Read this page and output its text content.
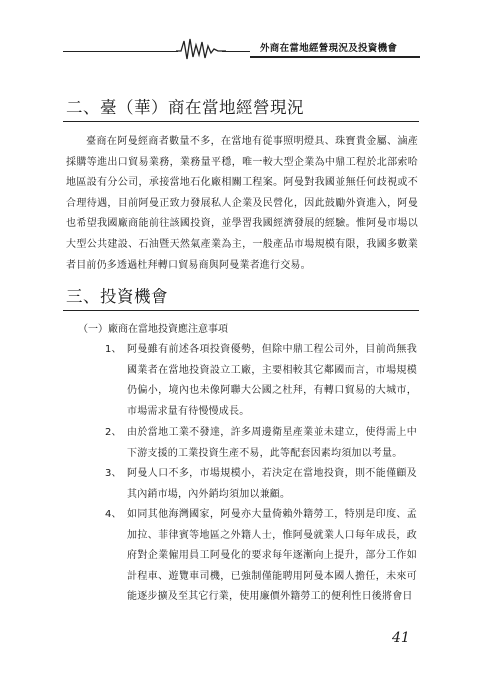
外商在當地經營現況及投資機會
二、臺（華）商在當地經營現況

臺商在阿曼經商者數量不多，在當地有從事照明燈具、珠寶貴金屬、滷產採購等進出口貿易業務，業務量平穩，唯一較大型企業為中鼎工程於北部索哈地區設有分公司，承接當地石化廠相關工程案。阿曼對我國並無任何歧視或不合理待遇，目前阿曼正致力發展私人企業及民營化，因此鼓勵外資進入，阿曼也希望我國廠商能前往該國投資，並學習我國經濟發展的經驗。惟阿曼市場以大型公共建設、石油暨天然氣產業為主，一般產品市場規模有限，我國多數業者目前仍多透過杜拜轉口貿易商與阿曼業者進行交易。

三、投資機會
（一）廠商在當地投資應注意事項
1、 阿曼雖有前述各項投資優勢，但除中鼎工程公司外，目前尚無我國業者在當地投資設立工廠，主要相較其它鄰國而言，市場規模仍偏小，境內也未像阿聯大公國之杜拜，有轉口貿易的大城市，市場需求量有待慢慢成長。
2、 由於當地工業不發達，許多周邊衛星產業並未建立，使得需上中下游支援的工業投資生產不易，此等配套因素均須加以考量。
3、 阿曼人口不多，市場規模小，若決定在當地投資，則不能僅顧及其內銷市場，內外銷均須加以兼顧。
4、 如同其他海灣國家，阿曼亦大量倚賴外籍勞工，特別是印度、孟加拉、菲律賓等地區之外籍人士，惟阿曼就業人口每年成長，政府對企業僱用員工阿曼化的要求每年逐漸向上提升，部分工作如計程車、遊覽車司機，已強制僅能聘用阿曼本國人擔任，未來可能逐步擴及至其它行業，使用廉價外籍勞工的便利性日後將會日
41
